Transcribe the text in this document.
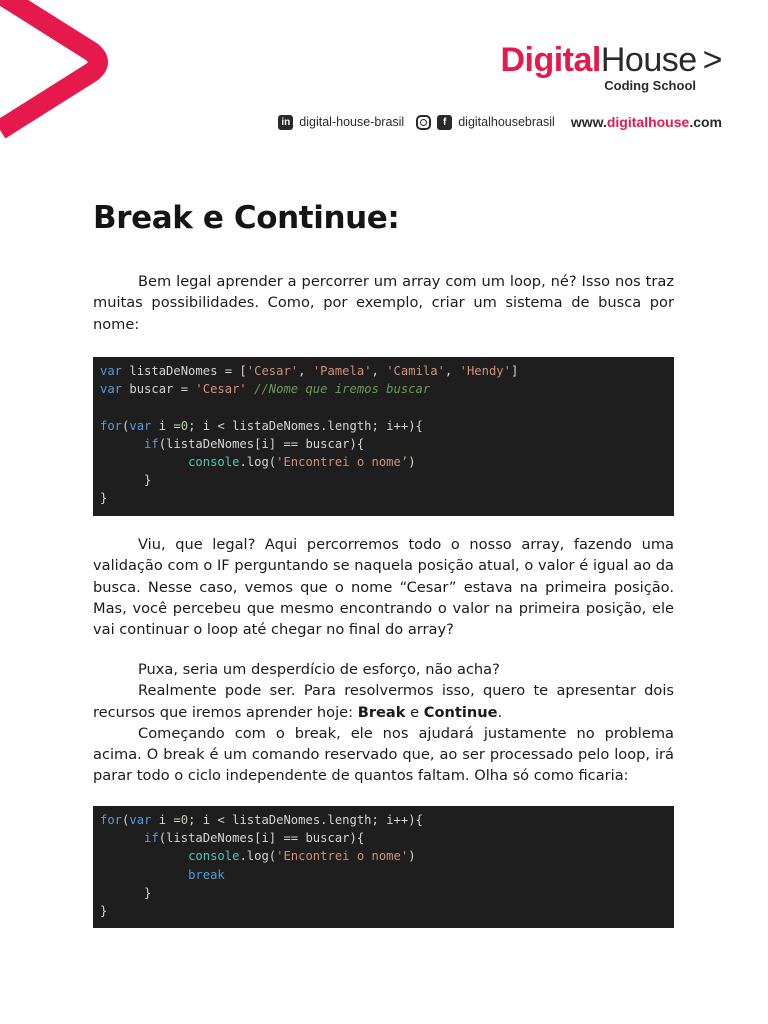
DigitalHouse >
Coding School
in digital-house-brasil	f digitalhousebrasil www.digitalhouse.com
Break e Continue:

Bem legal aprender a percorrer um array com um loop, né? Isso nos traz muitas possibilidades. Como, por exemplo, criar um sistema de busca por nome:

var listaDeNomes = ['Cesar', 'Pamela', 'Camila', 'Hendy']
var buscar = 'Cesar' //Nome que iremos buscar
for(var i =0; i < listaDeNomes.length; i++){
if(listaDeNomes[i] == buscar){
console.log('Encontrei o nome’)
}
}

Viu, que legal? Aqui percorremos todo o nosso array, fazendo uma validação com o IF perguntando se naquela posição atual, o valor é igual ao da busca. Nesse caso, vemos que o nome “Cesar” estava na primeira posição. Mas, você percebeu que mesmo encontrando o valor na primeira posição, ele vai continuar o loop até chegar no final do array?

Puxa, seria um desperdício de esforço, não acha?

Realmente pode ser. Para resolvermos isso, quero te apresentar dois recursos que iremos aprender hoje: Break e Continue.

Começando com o break, ele nos ajudará justamente no problema acima. O break é um comando reservado que, ao ser processado pelo loop, irá parar todo o ciclo independente de quantos faltam. Olha só como ficaria:

for(var i =0; i < listaDeNomes.length; i++){
if(listaDeNomes[i] == buscar){
console.log('Encontrei o nome')
break
}
}
